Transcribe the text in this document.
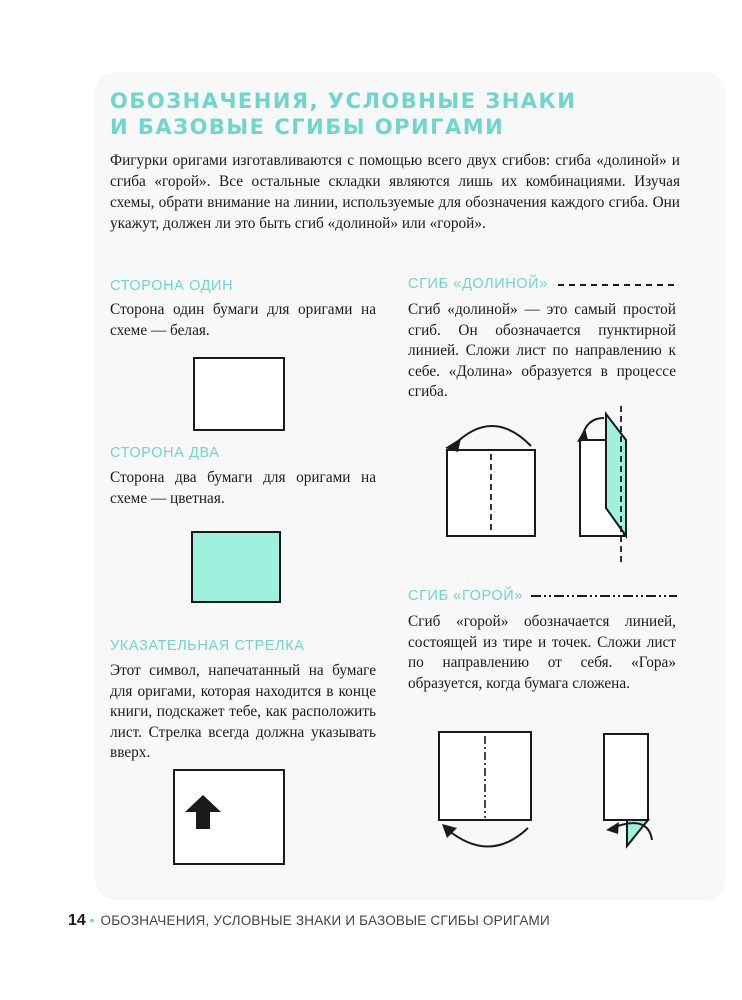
ОБОЗНАЧЕНИЯ, УСЛОВНЫЕ ЗНАКИ
И БАЗОВЫЕ СГИБЫ ОРИГАМИ

Фигурки оригами изготавливаются с помощью всего двух сгибов: сгиба «долиной» и сгиба «горой». Все остальные складки являются лишь их комбинациями. Изучая схемы, обрати внимание на линии, используемые для обозначения каждого сгиба. Они укажут, должен ли это быть сгиб «долиной» или «горой».

СТОРОНА ОДИН

Сторона один бумаги для оригами на схеме — белая.

СТОРОНА ДВА

Сторона два бумаги для оригами на схеме — цветная.

УКАЗАТЕЛЬНАЯ СТРЕЛКА

Этот символ, напечатанный на бумаге для оригами, которая находится в конце книги, подскажет тебе, как расположить лист. Стрелка всегда должна указывать вверх.

СГИБ «ДОЛИНОЙ»

Сгиб «долиной» — это самый простой сгиб. Он обозначается пунктирной линией. Сложи лист по направлению к себе. «Долина» образуется в процессе сгиба.

СГИБ «ГОРОЙ»

Сгиб «горой» обозначается линией, состоящей из тире и точек. Сложи лист по направлению от себя. «Гора» образуется, когда бумага сложена.

14 • ОБОЗНАЧЕНИЯ, УСЛОВНЫЕ ЗНАКИ И БАЗОВЫЕ СГИБЫ ОРИГАМИ
